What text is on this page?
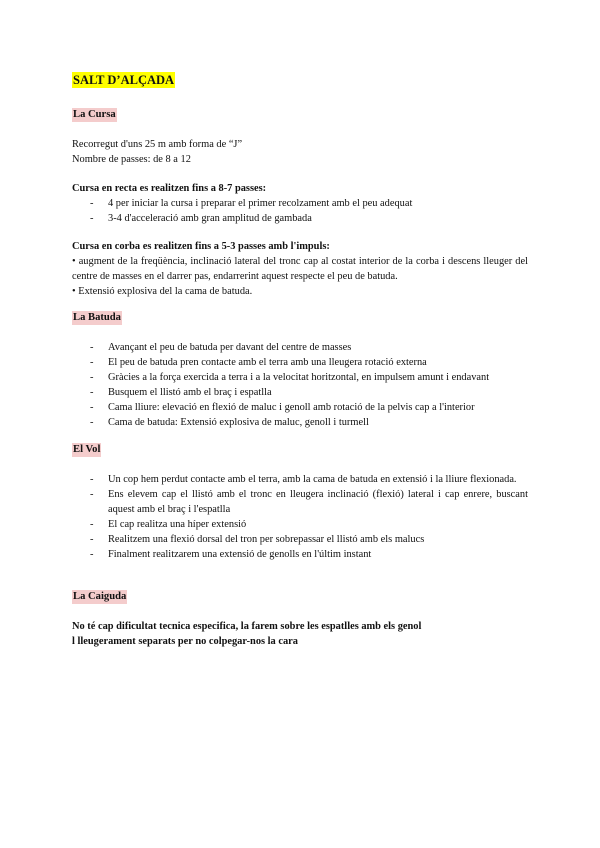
SALT D’ALÇADA
La Cursa
Recorregut d'uns 25 m amb forma de “J”
Nombre de passes: de 8 a 12
Cursa en recta es realitzen fins a 8-7 passes:
- 4 per iniciar la cursa i preparar el primer recolzament amb el peu adequat
- 3-4 d'acceleració amb gran amplitud de gambada
Cursa en corba es realitzen fins a 5-3 passes amb l'impuls:
• augment de la freqüència, inclinació lateral del tronc cap al costat interior de la corba i descens lleuger del centre de masses en el darrer pas, endarrerint aquest respecte el peu de batuda.
• Extensió explosiva del la cama de batuda.
La Batuda
- Avançant el peu de batuda per davant del centre de masses
- El peu de batuda pren contacte amb el terra amb una lleugera rotació externa
- Gràcies a la força exercida a terra i a la velocitat horitzontal, en impulsem amunt i endavant
- Busquem el llistó amb el braç i espatlla
- Cama lliure: elevació en flexió de maluc i genoll amb rotació de la pelvis cap a l'interior
- Cama de batuda: Extensió explosiva de maluc, genoll i turmell
El Vol
- Un cop hem perdut contacte amb el terra, amb la cama de batuda en extensió i la lliure flexionada.
- Ens elevem cap el llistó amb el tronc en lleugera inclinació (flexió) lateral i cap enrere, buscant aquest amb el braç i l'espatlla
- El cap realitza una híper extensió
- Realitzem una flexió dorsal del tron per sobrepassar el llistó amb els malucs
- Finalment realitzarem una extensió de genolls en l'últim instant
La Caiguda
No té cap dificultat tecnica especifica, la farem sobre les espatlles amb els genol
l lleugerament separats per no colpegar-nos la cara
